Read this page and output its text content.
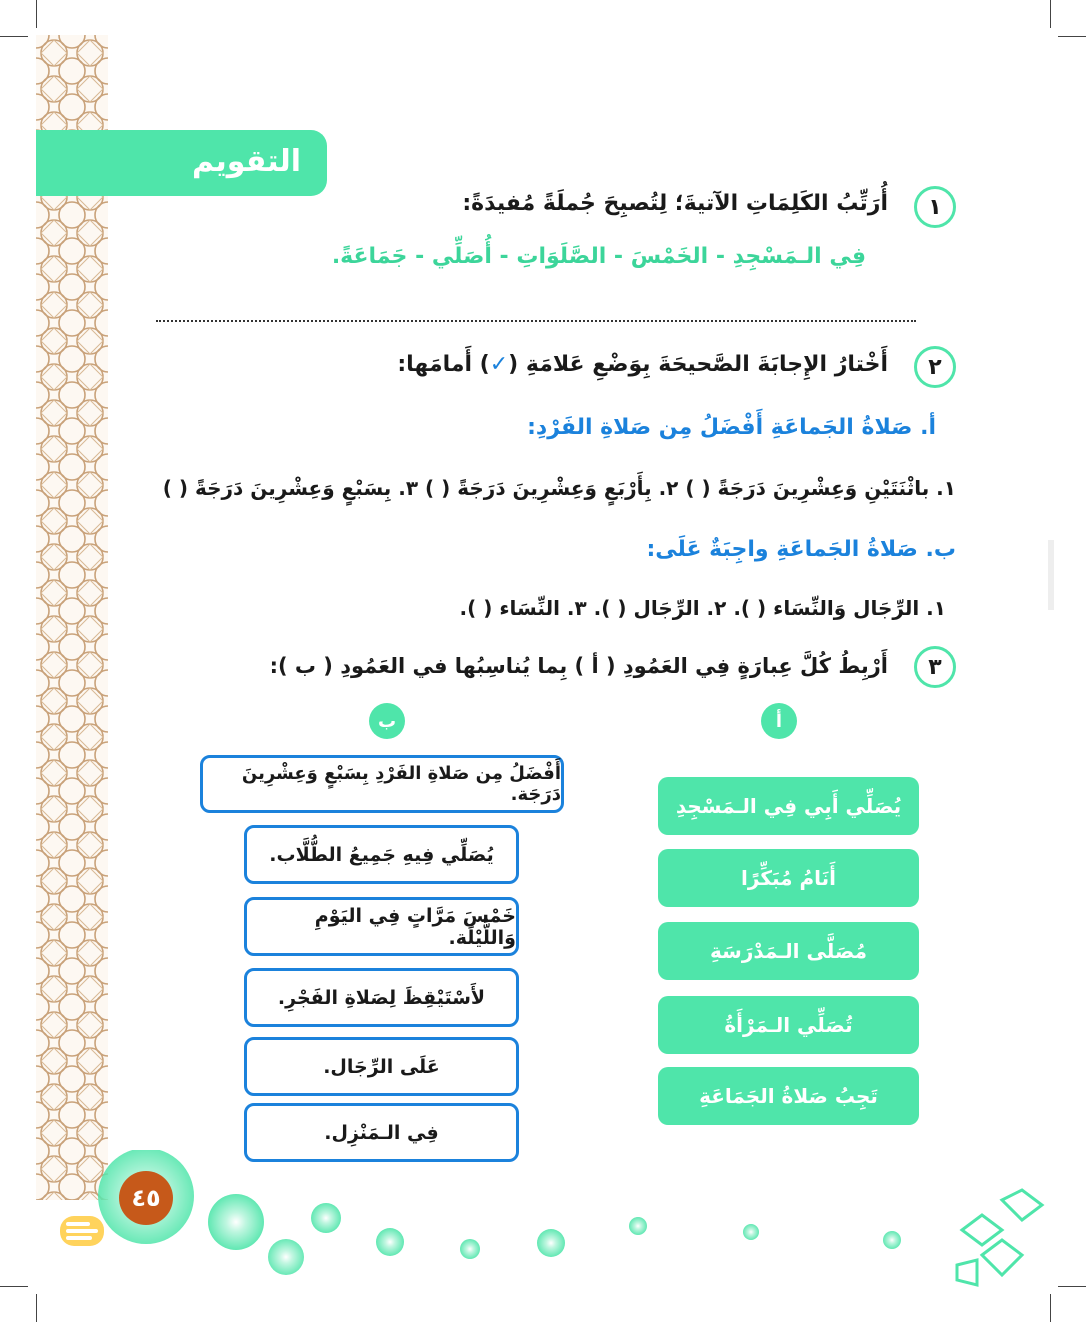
التقويم
١
أُرَتِّبُ الكَلِمَاتِ الآتيةَ؛ لِتُصبِحَ جُملَةً مُفيدَةً:
فِي الـمَسْجِدِ - الخَمْسَ - الصَّلَوَاتِ - أُصَلِّي - جَمَاعَةً.
٢
أَخْتارُ الإِجابَةَ الصَّحيحَةَ بِوَضْعِ عَلامَةِ (✓) أَمامَها:
أ. صَلاةُ الجَماعَةِ أَفْضَلُ مِن صَلاةِ الفَرْدِ:
١. باثْنَتَيْنِ وَعِشْرِينَ دَرَجَةً ( ) ٢. بِأَرْبَعٍ وَعِشْرِينَ دَرَجَةً ( ) ٣. بِسَبْعٍ وَعِشْرِينَ دَرَجَةً ( )
ب. صَلاةُ الجَماعَةِ واجِبَةٌ عَلَى:
١. الرِّجَال وَالنِّسَاء ( ). ٢. الرِّجَال ( ). ٣. النِّسَاء ( ).
٣
أَرْبِطُ كُلَّ عِبارَةٍ فِي العَمُودِ ( أ ) بِما يُناسِبُها في العَمُودِ ( ب ):
ب	أ
أَفْضَلُ مِن صَلاةِ الفَرْدِ بِسَبْعٍ وَعِشْرِينَ دَرَجَة.
يُصَلِّي فِيهِ جَمِيعُ الطُّلَّاب.
خَمْسَ مَرَّاتٍ فِي اليَوْمِ وَاللَّيْلَة.
لأَسْتَيْقِظَ لِصَلاةِ الفَجْرِ.
عَلَى الرِّجَال.
فِي الـمَنْزِل.
يُصَلِّي أَبِي فِي الـمَسْجِدِ
أَنَامُ مُبَكِّرًا
مُصَلَّى الـمَدْرَسَةِ
تُصَلِّي الـمَرْأَةُ
تَجِبُ صَلاةُ الجَمَاعَةِ
٤٥
